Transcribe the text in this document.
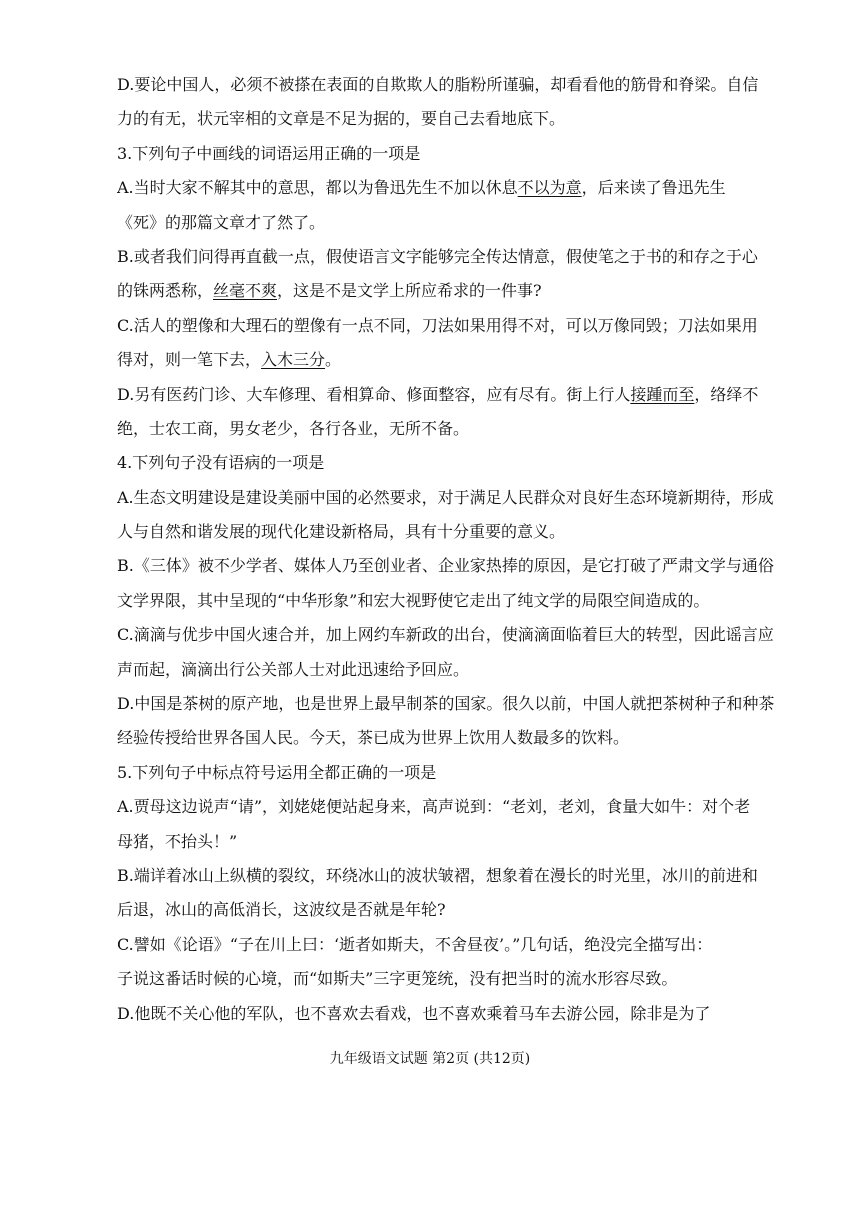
D.要论中国人，必须不被搽在表面的自欺欺人的脂粉所谨骗，却看看他的筋骨和脊梁。自信
力的有无，状元宰相的文章是不足为据的，要自己去看地底下。
3.下列句子中画线的词语运用正确的一项是
A.当时大家不解其中的意思，都以为鲁迅先生不加以休息不以为意，后来读了鲁迅先生
《死》的那篇文章才了然了。
B.或者我们问得再直截一点，假使语言文字能够完全传达情意，假使笔之于书的和存之于心
的铢两悉称，丝毫不爽，这是不是文学上所应希求的一件事?
C.活人的塑像和大理石的塑像有一点不同，刀法如果用得不对，可以万像同毁；刀法如果用
得对，则一笔下去，入木三分。
D.另有医药门诊、大车修理、看相算命、修面整容，应有尽有。街上行人接踵而至，络绎不
绝，士农工商，男女老少，各行各业，无所不备。
4.下列句子没有语病的一项是
A.生态文明建设是建设美丽中国的必然要求，对于满足人民群众对良好生态环境新期待，形成
人与自然和谐发展的现代化建设新格局，具有十分重要的意义。
B.《三体》被不少学者、媒体人乃至创业者、企业家热捧的原因，是它打破了严肃文学与通俗
文学界限，其中呈现的“中华形象”和宏大视野使它走出了纯文学的局限空间造成的。
C.滴滴与优步中国火速合并，加上网约车新政的出台，使滴滴面临着巨大的转型，因此谣言应
声而起，滴滴出行公关部人士对此迅速给予回应。
D.中国是茶树的原产地，也是世界上最早制茶的国家。很久以前，中国人就把茶树种子和种茶
经验传授给世界各国人民。今天，茶已成为世界上饮用人数最多的饮料。
5.下列句子中标点符号运用全都正确的一项是
A.贾母这边说声“请”，刘姥姥便站起身来，高声说到：“老刘，老刘，食量大如牛：对个老
母猪，不抬头！”
B.端详着冰山上纵横的裂纹，环绕冰山的波状皱褶，想象着在漫长的时光里，冰川的前进和
后退，冰山的高低消长，这波纹是否就是年轮?
C.譬如《论语》“子在川上曰：‘逝者如斯夫，不舍昼夜’。”几句话，绝没完全描写出：
子说这番话时候的心境，而“如斯夫”三字更笼统，没有把当时的流水形容尽致。
D.他既不关心他的军队，也不喜欢去看戏，也不喜欢乘着马车去游公园，除非是为了
九年级语文试题 第2页 (共12页)
